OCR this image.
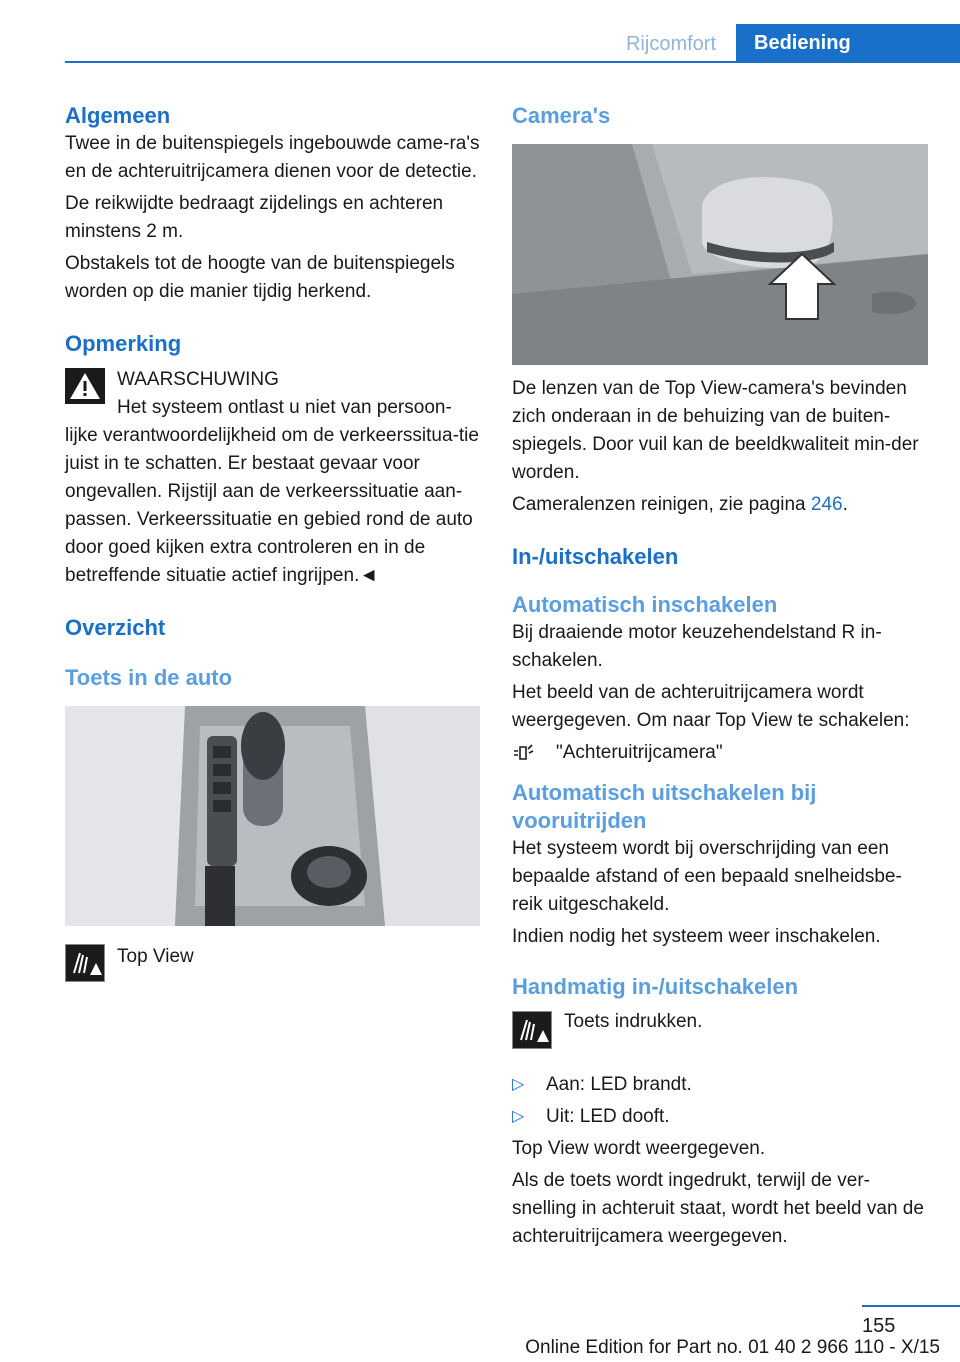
Rijcomfort	Bediening
Algemeen

Twee in de buitenspiegels ingebouwde came-ra's en de achteruitrijcamera dienen voor de detectie.

De reikwijdte bedraagt zijdelings en achteren minstens 2 m.

Obstakels tot de hoogte van de buitenspiegels worden op die manier tijdig herkend.

Opmerking
WAARSCHUWING
Het systeem ontlast u niet van persoon-

lijke verantwoordelijkheid om de verkeerssitua-tie juist in te schatten. Er bestaat gevaar voor ongevallen. Rijstijl aan de verkeerssituatie aan-passen. Verkeerssituatie en gebied rond de auto door goed kijken extra controleren en in de betreffende situatie actief ingrijpen.◄

Overzicht
Toets in de auto
Top View
Camera's

De lenzen van de Top View-camera's bevinden zich onderaan in de behuizing van de buiten-spiegels. Door vuil kan de beeldkwaliteit min-der worden.

Cameralenzen reinigen, zie pagina 246.

In-/uitschakelen
Automatisch inschakelen

Bij draaiende motor keuzehendelstand R in-schakelen.

Het beeld van de achteruitrijcamera wordt weergegeven. Om naar Top View te schakelen:

"Achteruitrijcamera"
Automatisch uitschakelen bij vooruitrijden

Het systeem wordt bij overschrijding van een bepaalde afstand of een bepaald snelheidsbe-reik uitgeschakeld.

Indien nodig het systeem weer inschakelen.

Handmatig in-/uitschakelen
Toets indrukken.
▷ Aan: LED brandt.
▷ Uit: LED dooft.

Top View wordt weergegeven.

Als de toets wordt ingedrukt, terwijl de ver-snelling in achteruit staat, wordt het beeld van de achteruitrijcamera weergegeven.

155
Online Edition for Part no. 01 40 2 966 110 - X/15
